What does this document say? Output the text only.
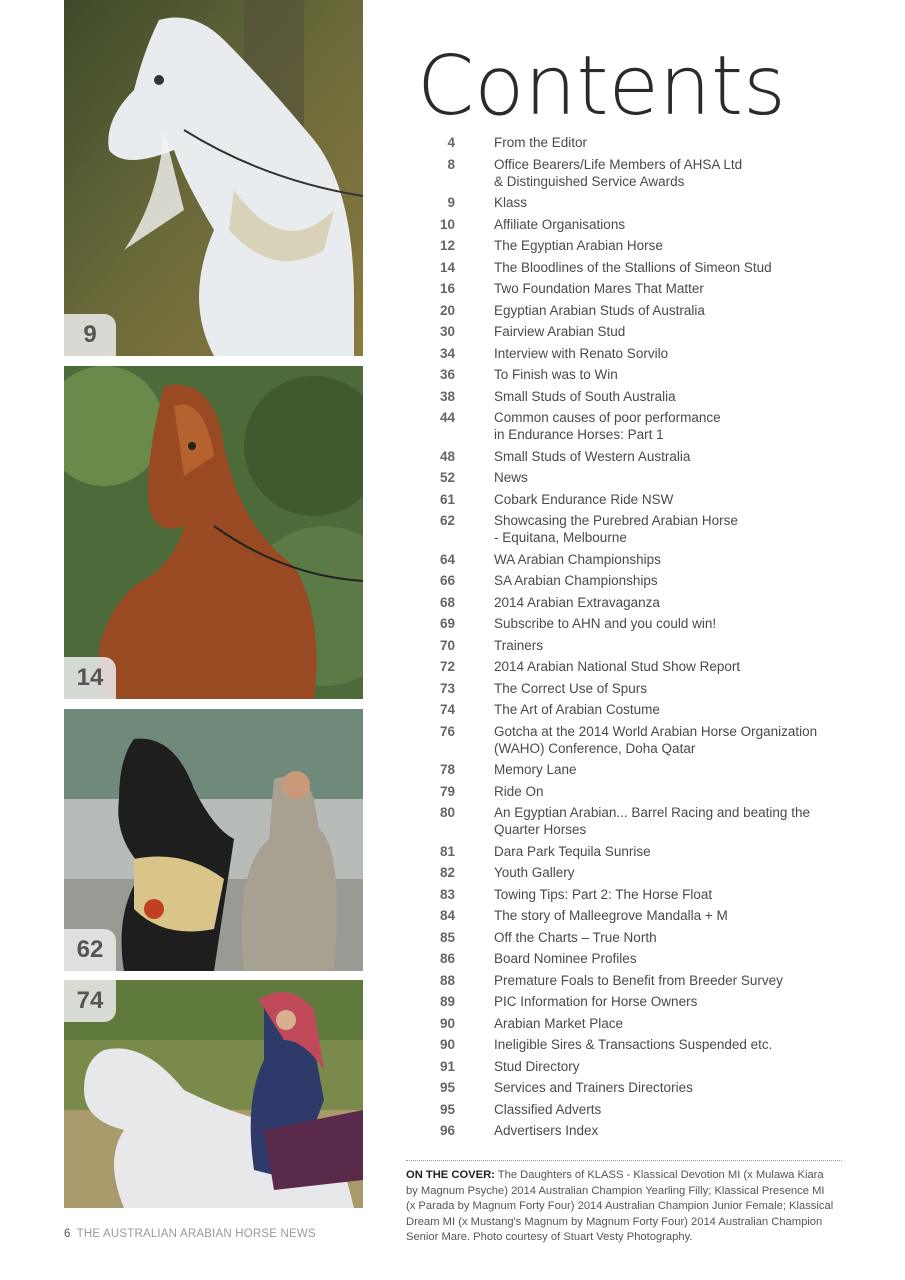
9
14
62
74
Contents
4	From the Editor
8	Office Bearers/Life Members of AHSA Ltd
& Distinguished Service Awards
9	Klass
10	Affiliate Organisations
12	The Egyptian Arabian Horse
14	The Bloodlines of the Stallions of Simeon Stud
16	Two Foundation Mares That Matter
20	Egyptian Arabian Studs of Australia
30	Fairview Arabian Stud
34	Interview with Renato Sorvilo
36	To Finish was to Win
38	Small Studs of South Australia
44	Common causes of poor performance
in Endurance Horses: Part 1
48	Small Studs of Western Australia
52	News
61	Cobark Endurance Ride NSW
62	Showcasing the Purebred Arabian Horse
- Equitana, Melbourne
64	WA Arabian Championships
66	SA Arabian Championships
68	2014 Arabian Extravaganza
69	Subscribe to AHN and you could win!
70	Trainers
72	2014 Arabian National Stud Show Report
73	The Correct Use of Spurs
74	The Art of Arabian Costume
76	Gotcha at the 2014 World Arabian Horse Organization
(WAHO) Conference, Doha Qatar
78	Memory Lane
79	Ride On
80	An Egyptian Arabian... Barrel Racing and beating the
Quarter Horses
81	Dara Park Tequila Sunrise
82	Youth Gallery
83	Towing Tips: Part 2: The Horse Float
84	The story of Malleegrove Mandalla + M
85	Off the Charts – True North
86	Board Nominee Profiles
88	Premature Foals to Benefit from Breeder Survey
89	PIC Information for Horse Owners
90	Arabian Market Place
90	Ineligible Sires & Transactions Suspended etc.
91	Stud Directory
95	Services and Trainers Directories
95	Classified Adverts
96	Advertisers Index
ON THE COVER: The Daughters of KLASS - Klassical Devotion MI (x Mulawa Kiara by Magnum Psyche) 2014 Australian Champion Yearling Filly; Klassical Presence MI (x Parada by Magnum Forty Four) 2014 Australian Champion Junior Female; Klassical Dream MI (x Mustang's Magnum by Magnum Forty Four) 2014 Australian Champion Senior Mare. Photo courtesy of Stuart Vesty Photography.
6 THE AUSTRALIAN ARABIAN HORSE NEWS
